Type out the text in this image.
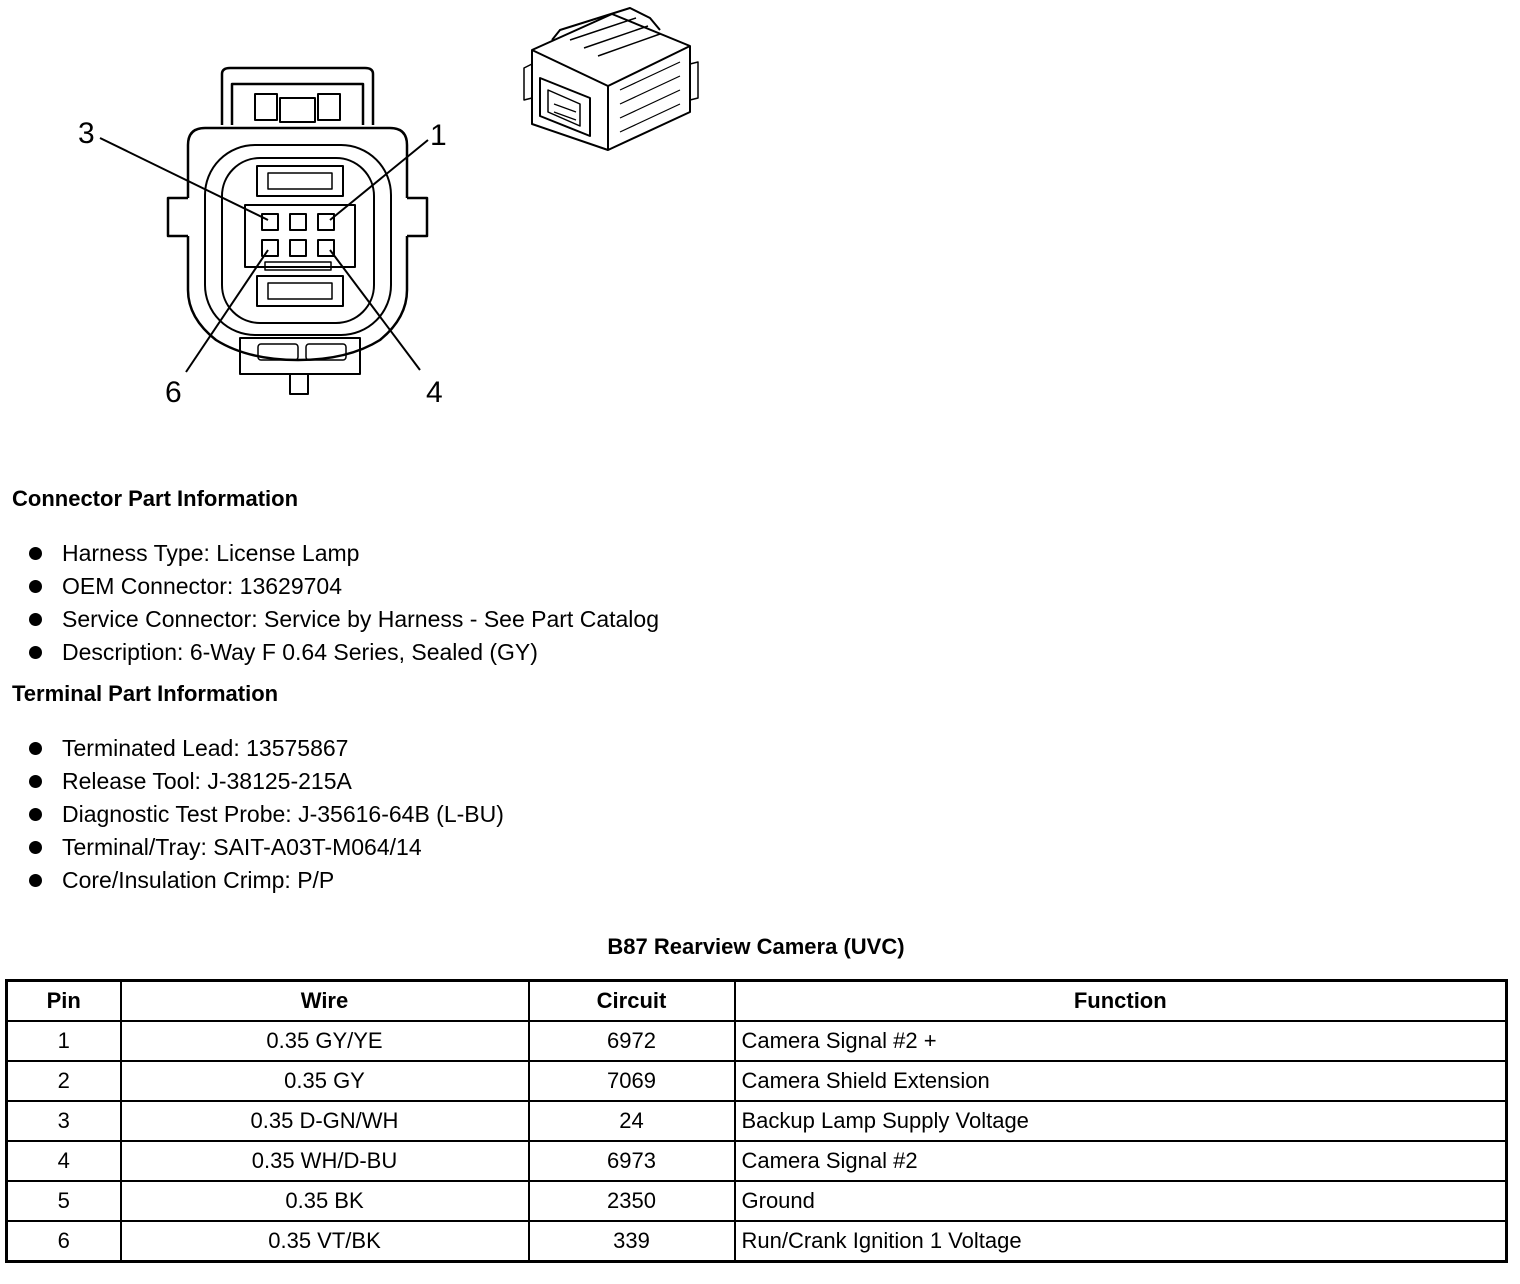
3	1
6	4
Connector Part Information
Harness Type: License Lamp
OEM Connector: 13629704
Service Connector: Service by Harness - See Part Catalog
Description: 6-Way F 0.64 Series, Sealed (GY)
Terminal Part Information
Terminated Lead: 13575867
Release Tool: J-38125-215A
Diagnostic Test Probe: J-35616-64B (L-BU)
Terminal/Tray: SAIT-A03T-M064/14
Core/Insulation Crimp: P/P
B87 Rearview Camera (UVC)
Pin	Wire	Circuit	Function
1	0.35 GY/YE	6972	Camera Signal #2 +
2	0.35 GY	7069	Camera Shield Extension
3	0.35 D-GN/WH	24	Backup Lamp Supply Voltage
4	0.35 WH/D-BU	6973	Camera Signal #2
5	0.35 BK	2350	Ground
6	0.35 VT/BK	339	Run/Crank Ignition 1 Voltage
